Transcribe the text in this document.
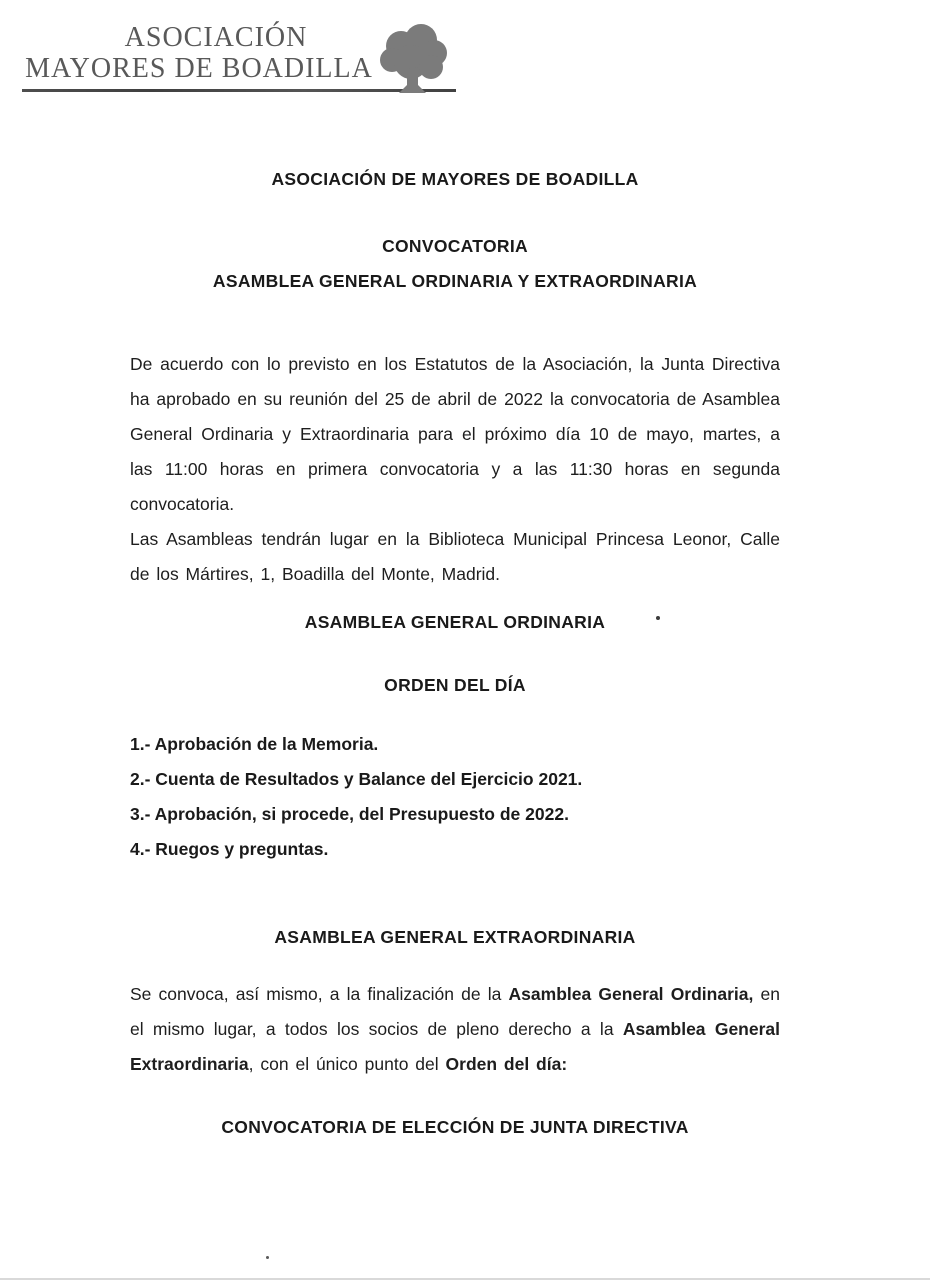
ASOCIACIÓN
MAYORES DE BOADILLA
ASOCIACIÓN DE MAYORES DE BOADILLA
CONVOCATORIA
ASAMBLEA GENERAL ORDINARIA Y EXTRAORDINARIA

De acuerdo con lo previsto en los Estatutos de la Asociación, la Junta Directiva ha aprobado en su reunión del 25 de abril de 2022 la convocatoria de Asamblea General Ordinaria y Extraordinaria para el próximo día 10 de mayo, martes, a las 11:00 horas en primera convocatoria y a las 11:30 horas en segunda convocatoria.

Las Asambleas tendrán lugar en la Biblioteca Municipal Princesa Leonor, Calle de los Mártires, 1, Boadilla del Monte, Madrid.

ASAMBLEA GENERAL ORDINARIA
ORDEN DEL DÍA
1.- Aprobación de la Memoria.
2.- Cuenta de Resultados y Balance del Ejercicio 2021.
3.- Aprobación, si procede, del Presupuesto de 2022.
4.- Ruegos y preguntas.
ASAMBLEA GENERAL EXTRAORDINARIA

Se convoca, así mismo, a la finalización de la Asamblea General Ordinaria, en el mismo lugar, a todos los socios de pleno derecho a la Asamblea General Extraordinaria, con el único punto del Orden del día:

CONVOCATORIA DE ELECCIÓN DE JUNTA DIRECTIVA
